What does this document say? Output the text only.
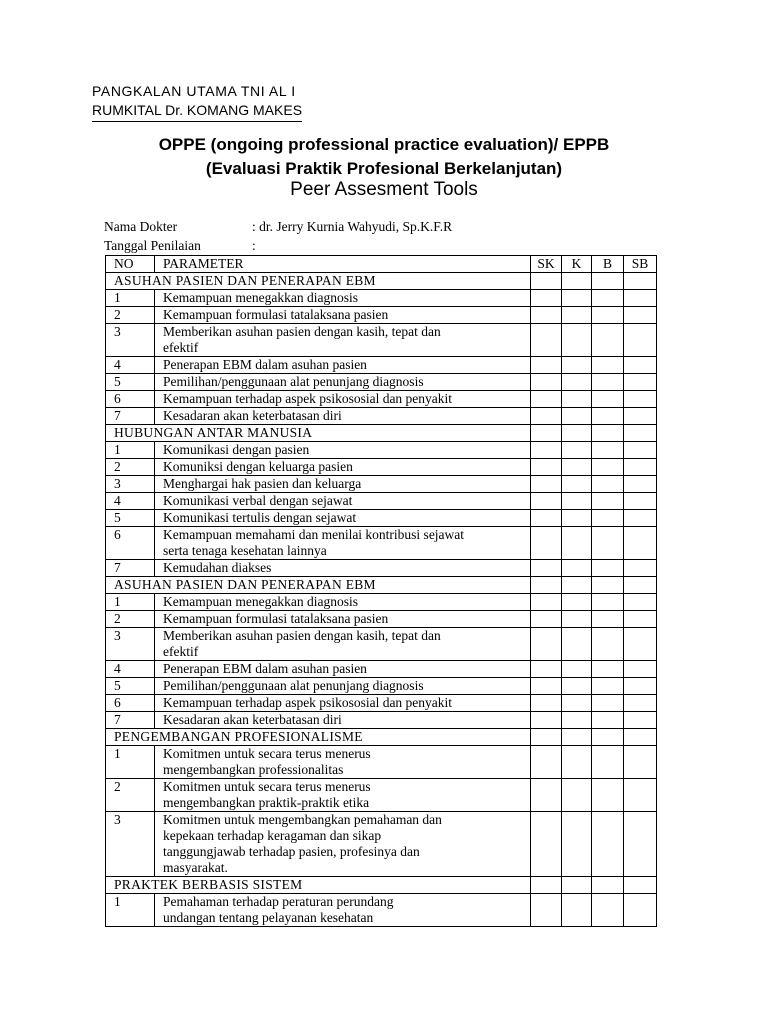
PANGKALAN UTAMA TNI AL I
RUMKITAL Dr. KOMANG MAKES
OPPE (ongoing professional practice evaluation)/ EPPB
(Evaluasi Praktik Profesional Berkelanjutan)
Peer Assesment Tools
Nama Dokter	: dr. Jerry Kurnia Wahyudi, Sp.K.F.R
Tanggal Penilaian	:
NO	PARAMETER	SK	K	B	SB
ASUHAN PASIEN DAN PENERAPAN EBM					
1	Kemampuan menegakkan diagnosis				

2	Kemampuan formulasi tatalaksana pasien				

3	Memberikan asuhan pasien dengan kasih, tepat dan
efektif				

4	Penerapan EBM dalam asuhan pasien				

5	Pemilihan/penggunaan alat penunjang diagnosis				

6	Kemampuan terhadap aspek psikososial dan penyakit				

7	Kesadaran akan keterbatasan diri				

HUBUNGAN ANTAR MANUSIA					
1	Komunikasi dengan pasien				

2	Komuniksi dengan keluarga pasien				

3	Menghargai hak pasien dan keluarga				

4	Komunikasi verbal dengan sejawat				

5	Komunikasi tertulis dengan sejawat				

6	Kemampuan memahami dan menilai kontribusi sejawat
serta tenaga kesehatan lainnya				

7	Kemudahan diakses				

ASUHAN PASIEN DAN PENERAPAN EBM					
1	Kemampuan menegakkan diagnosis				

2	Kemampuan formulasi tatalaksana pasien				

3	Memberikan asuhan pasien dengan kasih, tepat dan
efektif				

4	Penerapan EBM dalam asuhan pasien				

5	Pemilihan/penggunaan alat penunjang diagnosis				

6	Kemampuan terhadap aspek psikososial dan penyakit				

7	Kesadaran akan keterbatasan diri				

PENGEMBANGAN PROFESIONALISME					
1	Komitmen untuk secara terus menerus
mengembangkan professionalitas				

2	Komitmen untuk secara terus menerus
mengembangkan praktik-praktik etika				

3	Komitmen untuk mengembangkan pemahaman dan
kepekaan terhadap keragaman dan sikap
tanggungjawab terhadap pasien, profesinya dan
masyarakat.				

PRAKTEK BERBASIS SISTEM					
1	Pemahaman terhadap peraturan perundang
undangan tentang pelayanan kesehatan				
